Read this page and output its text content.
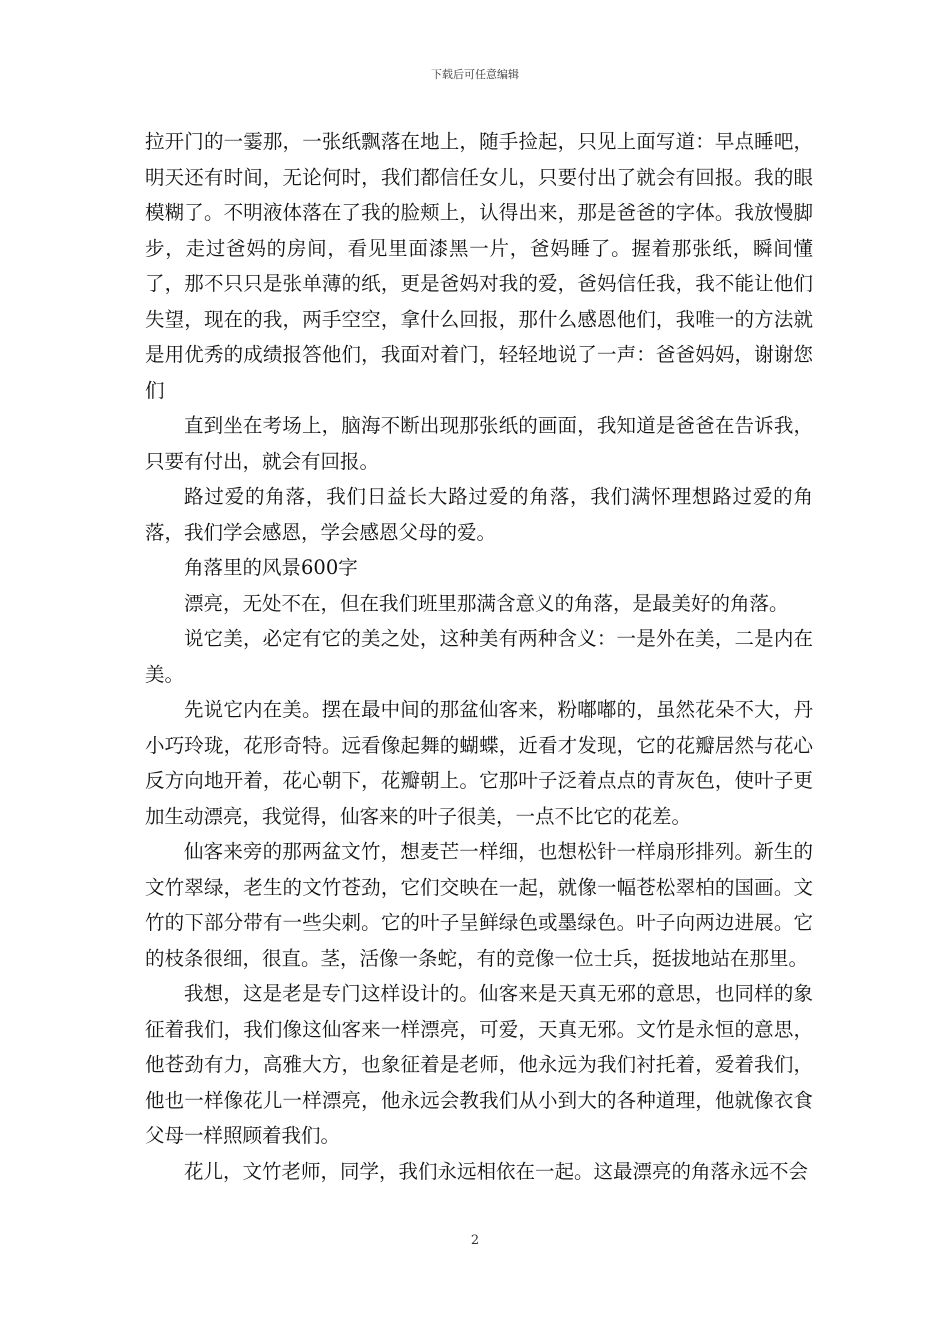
下载后可任意编辑

拉开门的一霎那，一张纸飘落在地上，随手捡起，只见上面写道：早点睡吧，明天还有时间，无论何时，我们都信任女儿，只要付出了就会有回报。我的眼模糊了。不明液体落在了我的脸颊上，认得出来，那是爸爸的字体。我放慢脚步，走过爸妈的房间，看见里面漆黑一片，爸妈睡了。握着那张纸，瞬间懂了，那不只只是张单薄的纸，更是爸妈对我的爱，爸妈信任我，我不能让他们失望，现在的我，两手空空，拿什么回报，那什么感恩他们，我唯一的方法就是用优秀的成绩报答他们，我面对着门，轻轻地说了一声：爸爸妈妈，谢谢您们

直到坐在考场上，脑海不断出现那张纸的画面，我知道是爸爸在告诉我，只要有付出，就会有回报。

路过爱的角落，我们日益长大路过爱的角落，我们满怀理想路过爱的角落，我们学会感恩，学会感恩父母的爱。

角落里的风景600字

漂亮，无处不在，但在我们班里那满含意义的角落，是最美好的角落。

说它美，必定有它的美之处，这种美有两种含义：一是外在美，二是内在美。

先说它内在美。摆在最中间的那盆仙客来，粉嘟嘟的，虽然花朵不大，丹小巧玲珑，花形奇特。远看像起舞的蝴蝶，近看才发现，它的花瓣居然与花心反方向地开着，花心朝下，花瓣朝上。它那叶子泛着点点的青灰色，使叶子更加生动漂亮，我觉得，仙客来的叶子很美，一点不比它的花差。

仙客来旁的那两盆文竹，想麦芒一样细，也想松针一样扇形排列。新生的文竹翠绿，老生的文竹苍劲，它们交映在一起，就像一幅苍松翠柏的国画。文竹的下部分带有一些尖刺。它的叶子呈鲜绿色或墨绿色。叶子向两边进展。它的枝条很细，很直。茎，活像一条蛇，有的竞像一位士兵，挺拔地站在那里。

我想，这是老是专门这样设计的。仙客来是天真无邪的意思，也同样的象征着我们，我们像这仙客来一样漂亮，可爱，天真无邪。文竹是永恒的意思，他苍劲有力，高雅大方，也象征着是老师，他永远为我们衬托着，爱着我们，他也一样像花儿一样漂亮，他永远会教我们从小到大的各种道理，他就像衣食父母一样照顾着我们。

花儿，文竹老师，同学，我们永远相依在一起。这最漂亮的角落永远不会

2
